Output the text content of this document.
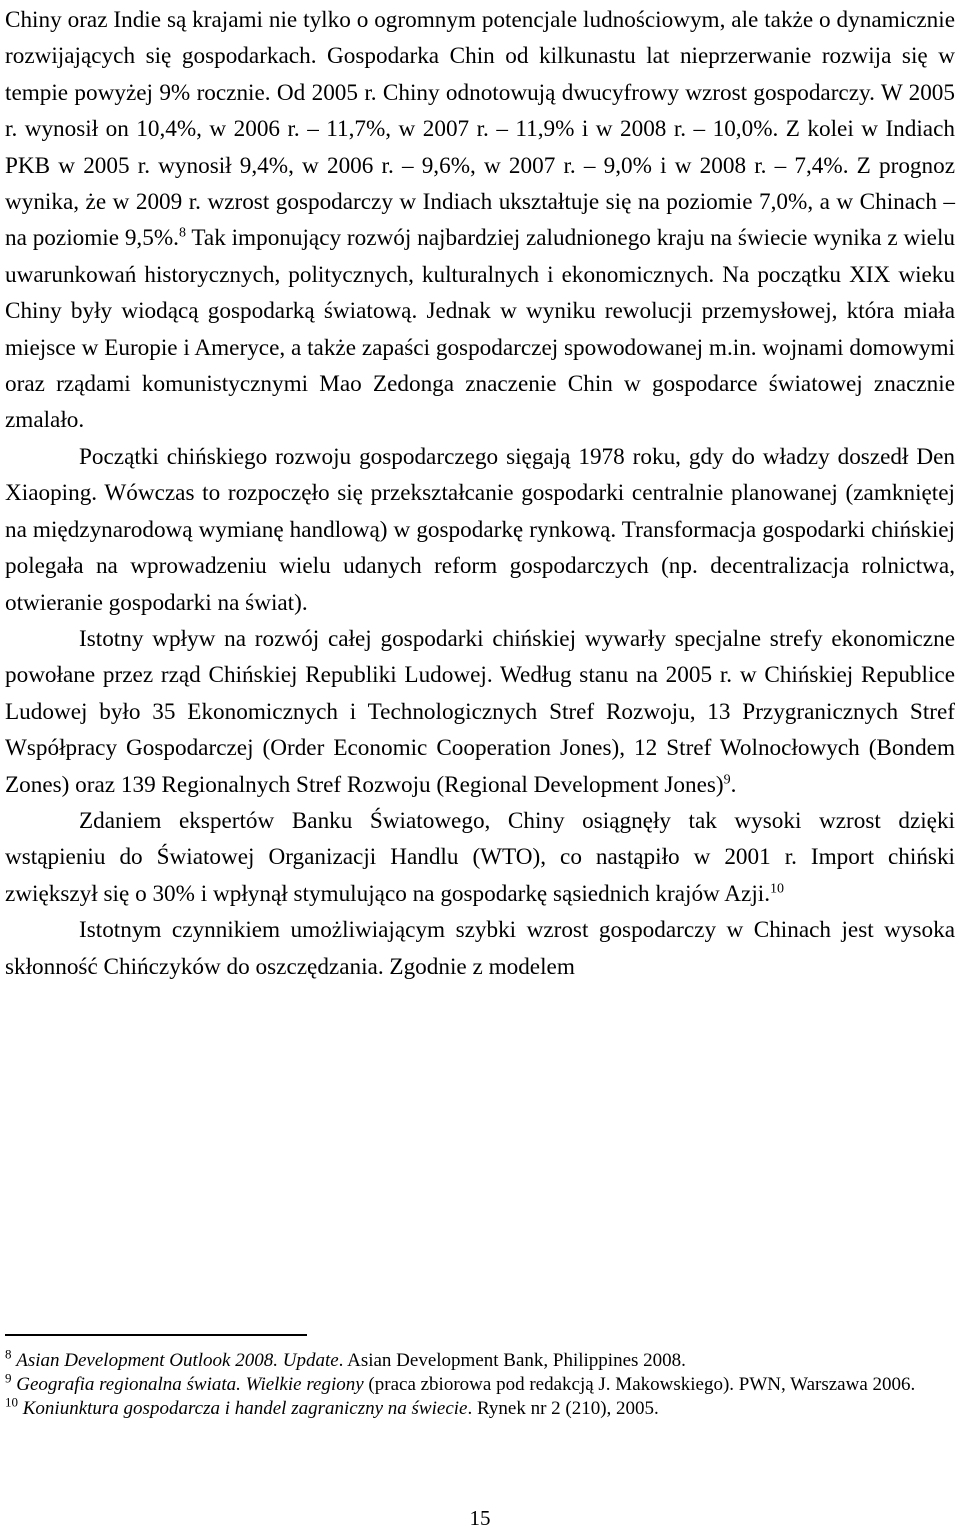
Chiny oraz Indie są krajami nie tylko o ogromnym potencjale ludnościowym, ale także o dynamicznie rozwijających się gospodarkach. Gospodarka Chin od kilkunastu lat nieprzerwanie rozwija się w tempie powyżej 9% rocznie. Od 2005 r. Chiny odnotowują dwucyfrowy wzrost gospodarczy. W 2005 r. wynosił on 10,4%, w 2006 r. – 11,7%, w 2007 r. – 11,9% i w 2008 r. – 10,0%. Z kolei w Indiach PKB w 2005 r. wynosił 9,4%, w 2006 r. – 9,6%, w 2007 r. – 9,0% i w 2008 r. – 7,4%. Z prognoz wynika, że w 2009 r. wzrost gospodarczy w Indiach ukształtuje się na poziomie 7,0%, a w Chinach – na poziomie 9,5%.$^8$ Tak imponujący rozwój najbardziej zaludnionego kraju na świecie wynika z wielu uwarunkowań historycznych, politycznych, kulturalnych i ekonomicznych. Na początku XIX wieku Chiny były wiodącą gospodarką światową. Jednak w wyniku rewolucji przemysłowej, która miała miejsce w Europie i Ameryce, a także zapaści gospodarczej spowodowanej m.in. wojnami domowymi oraz rządami komunistycznymi Mao Zedonga znaczenie Chin w gospodarce światowej znacznie zmalało.

Początki chińskiego rozwoju gospodarczego sięgają 1978 roku, gdy do władzy doszedł Den Xiaoping. Wówczas to rozpoczęło się przekształcanie gospodarki centralnie planowanej (zamkniętej na międzynarodową wymianę handlową) w gospodarkę rynkową. Transformacja gospodarki chińskiej polegała na wprowadzeniu wielu udanych reform gospodarczych (np. decentralizacja rolnictwa, otwieranie gospodarki na świat).

Istotny wpływ na rozwój całej gospodarki chińskiej wywarły specjalne strefy ekonomiczne powołane przez rząd Chińskiej Republiki Ludowej. Według stanu na 2005 r. w Chińskiej Republice Ludowej było 35 Ekonomicznych i Technologicznych Stref Rozwoju, 13 Przygranicznych Stref Współpracy Gospodarczej (Order Economic Cooperation Jones), 12 Stref Wolnocłowych (Bondem Zones) oraz 139 Regionalnych Stref Rozwoju (Regional Development Jones)$^9$.

Zdaniem ekspertów Banku Światowego, Chiny osiągnęły tak wysoki wzrost dzięki wstąpieniu do Światowej Organizacji Handlu (WTO), co nastąpiło w 2001 r. Import chiński zwiększył się o 30% i wpłynął stymulująco na gospodarkę sąsiednich krajów Azji.$^{10}$

Istotnym czynnikiem umożliwiającym szybki wzrost gospodarczy w Chinach jest wysoka skłonność Chińczyków do oszczędzania. Zgodnie z modelem

$^8$ Asian Development Outlook 2008. Update. Asian Development Bank, Philippines 2008.

$^9$ Geografia regionalna świata. Wielkie regiony (praca zbiorowa pod redakcją J. Makowskiego). PWN, Warszawa 2006.

$^{10}$ Koniunktura gospodarcza i handel zagraniczny na świecie. Rynek nr 2 (210), 2005.

15
